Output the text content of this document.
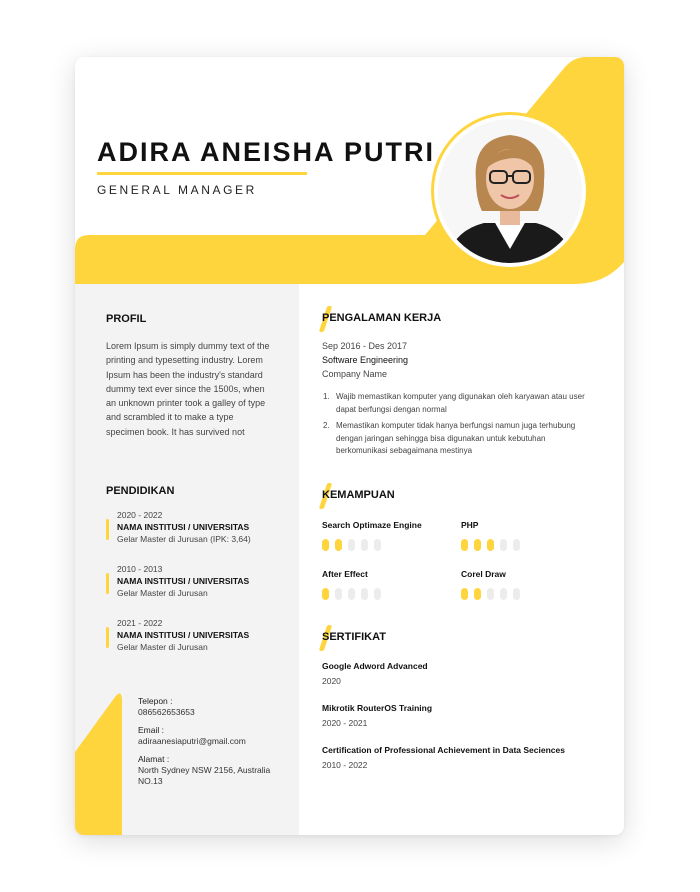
ADIRA ANEISHA PUTRI
GENERAL MANAGER
PROFIL
Lorem Ipsum is simply dummy text of the printing and typesetting industry. Lorem Ipsum has been the industry's standard dummy text ever since the 1500s, when an unknown printer took a galley of type and scrambled it to make a type specimen book. It has survived not
PENDIDIKAN
2020 - 2022
NAMA INSTITUSI / UNIVERSITAS
Gelar Master di Jurusan (IPK: 3,64)
2010 - 2013
NAMA INSTITUSI / UNIVERSITAS
Gelar Master di Jurusan
2021 - 2022
NAMA INSTITUSI / UNIVERSITAS
Gelar Master di Jurusan
Telepon :
086562653653
Email :
adiraanesiaputri@gmail.com
Alamat :
North Sydney NSW 2156, Australia NO.13
PENGALAMAN KERJA
Sep 2016 - Des 2017
Software Engineering
Company Name
1. Wajib memastikan komputer yang digunakan oleh karyawan atau user dapat berfungsi dengan normal
2. Memastikan komputer tidak hanya berfungsi namun juga terhubung dengan jaringan sehingga bisa digunakan untuk kebutuhan berkomunikasi sebagaimana mestinya
KEMAMPUAN
Search Optimaze Engine	PHP
After Effect	Corel Draw
SERTIFIKAT
Google Adword Advanced
2020
Mikrotik RouterOS Training
2020 - 2021
Certification of Professional Achievement in Data Seciences
2010 - 2022
